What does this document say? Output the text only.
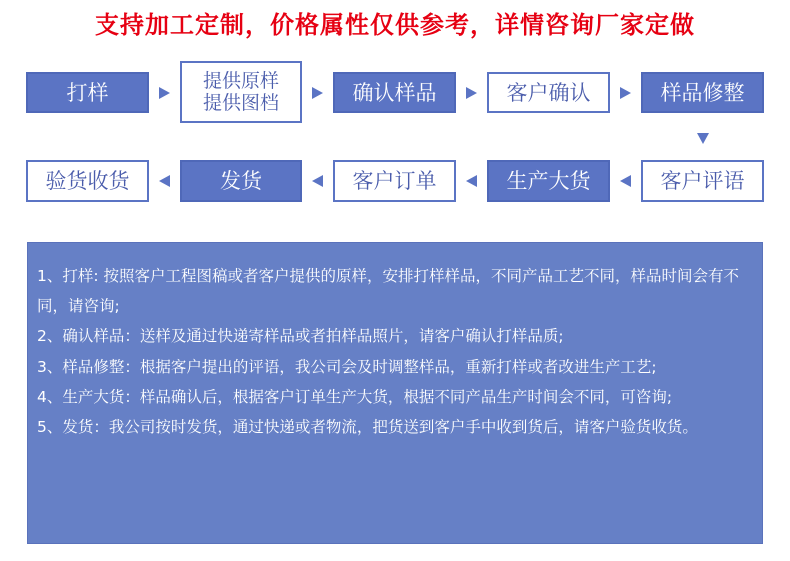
支持加工定制，价格属性仅供参考，详情咨询厂家定做
打样	提供原样
提供图档	确认样品	客户确认	样品修整
客户评语
生产大货
客户订单
发货
验货收货

1、打样: 按照客户工程图稿或者客户提供的原样，安排打样样品，不同产品工艺不同，样品时间会有不同，请咨询;

2、确认样品：送样及通过快递寄样品或者拍样品照片，请客户确认打样品质;

3、样品修整：根据客户提出的评语，我公司会及时调整样品，重新打样或者改进生产工艺;

4、生产大货：样品确认后，根据客户订单生产大货，根据不同产品生产时间会不同，可咨询;

5、发货：我公司按时发货，通过快递或者物流，把货送到客户手中收到货后，请客户验货收货。
